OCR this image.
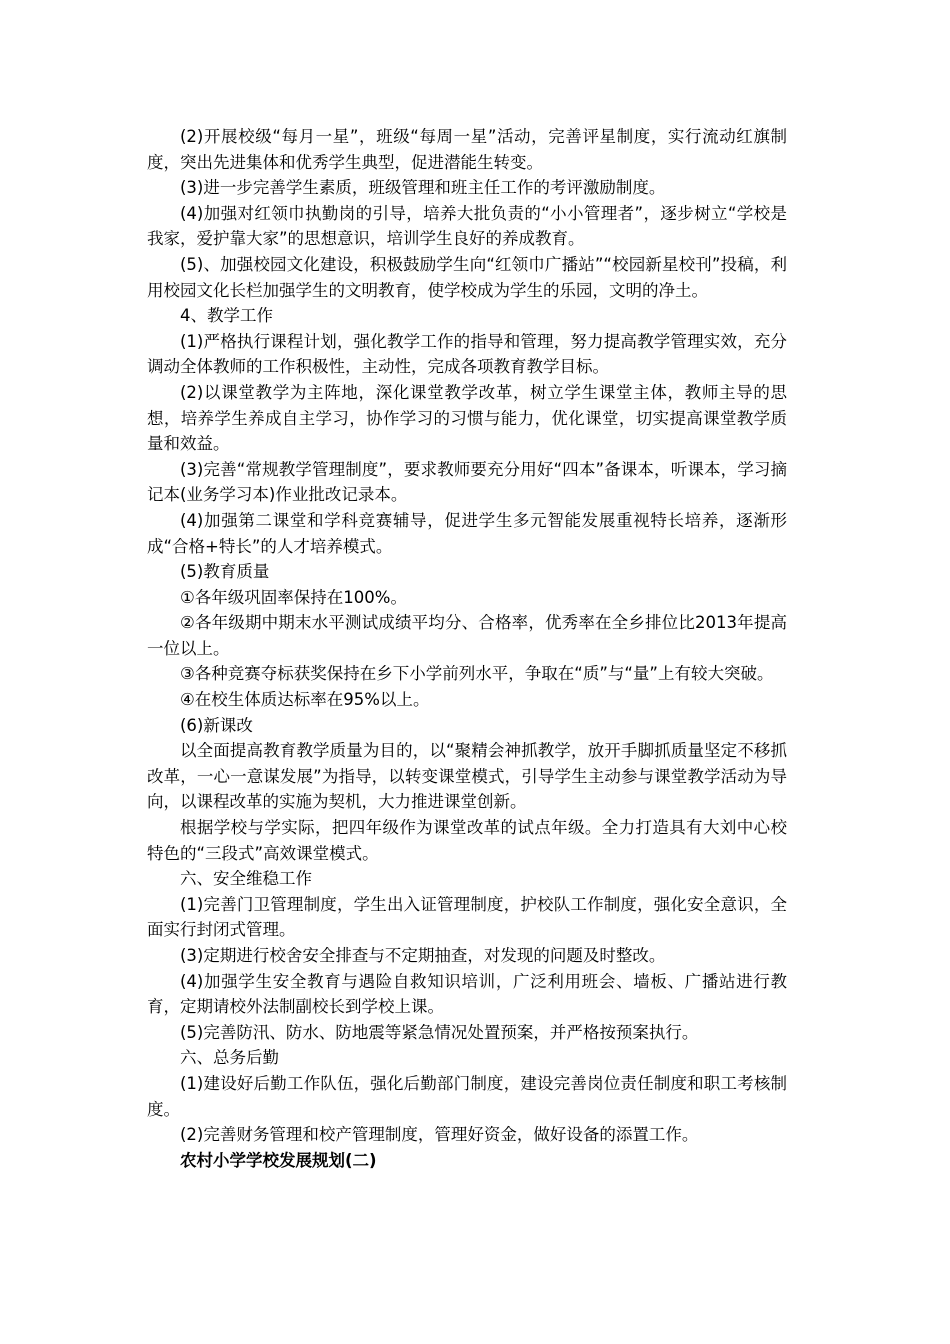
(2)开展校级“每月一星”，班级“每周一星”活动，完善评星制度，实行流动红旗制度，突出先进集体和优秀学生典型，促进潜能生转变。

(3)进一步完善学生素质，班级管理和班主任工作的考评激励制度。

(4)加强对红领巾执勤岗的引导，培养大批负责的“小小管理者”，逐步树立“学校是我家，爱护靠大家”的思想意识，培训学生良好的养成教育。

(5)、加强校园文化建设，积极鼓励学生向“红领巾广播站”“校园新星校刊”投稿，利用校园文化长栏加强学生的文明教育，使学校成为学生的乐园，文明的净土。

4、教学工作

(1)严格执行课程计划，强化教学工作的指导和管理，努力提高教学管理实效，充分调动全体教师的工作积极性，主动性，完成各项教育教学目标。

(2)以课堂教学为主阵地，深化课堂教学改革，树立学生课堂主体，教师主导的思想，培养学生养成自主学习，协作学习的习惯与能力，优化课堂，切实提高课堂教学质量和效益。

(3)完善“常规教学管理制度”，要求教师要充分用好“四本”备课本，听课本，学习摘记本(业务学习本)作业批改记录本。

(4)加强第二课堂和学科竞赛辅导，促进学生多元智能发展重视特长培养，逐渐形成“合格+特长”的人才培养模式。

(5)教育质量

①各年级巩固率保持在100%。

②各年级期中期末水平测试成绩平均分、合格率，优秀率在全乡排位比2013年提高一位以上。

③各种竞赛夺标获奖保持在乡下小学前列水平，争取在“质”与“量”上有较大突破。

④在校生体质达标率在95%以上。

(6)新课改

以全面提高教育教学质量为目的，以“聚精会神抓教学，放开手脚抓质量坚定不移抓改革，一心一意谋发展”为指导，以转变课堂模式，引导学生主动参与课堂教学活动为导向，以课程改革的实施为契机，大力推进课堂创新。

根据学校与学实际，把四年级作为课堂改革的试点年级。全力打造具有大刘中心校特色的“三段式”高效课堂模式。

六、安全维稳工作

(1)完善门卫管理制度，学生出入证管理制度，护校队工作制度，强化安全意识，全面实行封闭式管理。

(3)定期进行校舍安全排查与不定期抽查，对发现的问题及时整改。

(4)加强学生安全教育与遇险自救知识培训，广泛利用班会、墙板、广播站进行教育，定期请校外法制副校长到学校上课。

(5)完善防汛、防水、防地震等紧急情况处置预案，并严格按预案执行。

六、总务后勤

(1)建设好后勤工作队伍，强化后勤部门制度，建设完善岗位责任制度和职工考核制度。

(2)完善财务管理和校产管理制度，管理好资金，做好设备的添置工作。

农村小学学校发展规划(二)
